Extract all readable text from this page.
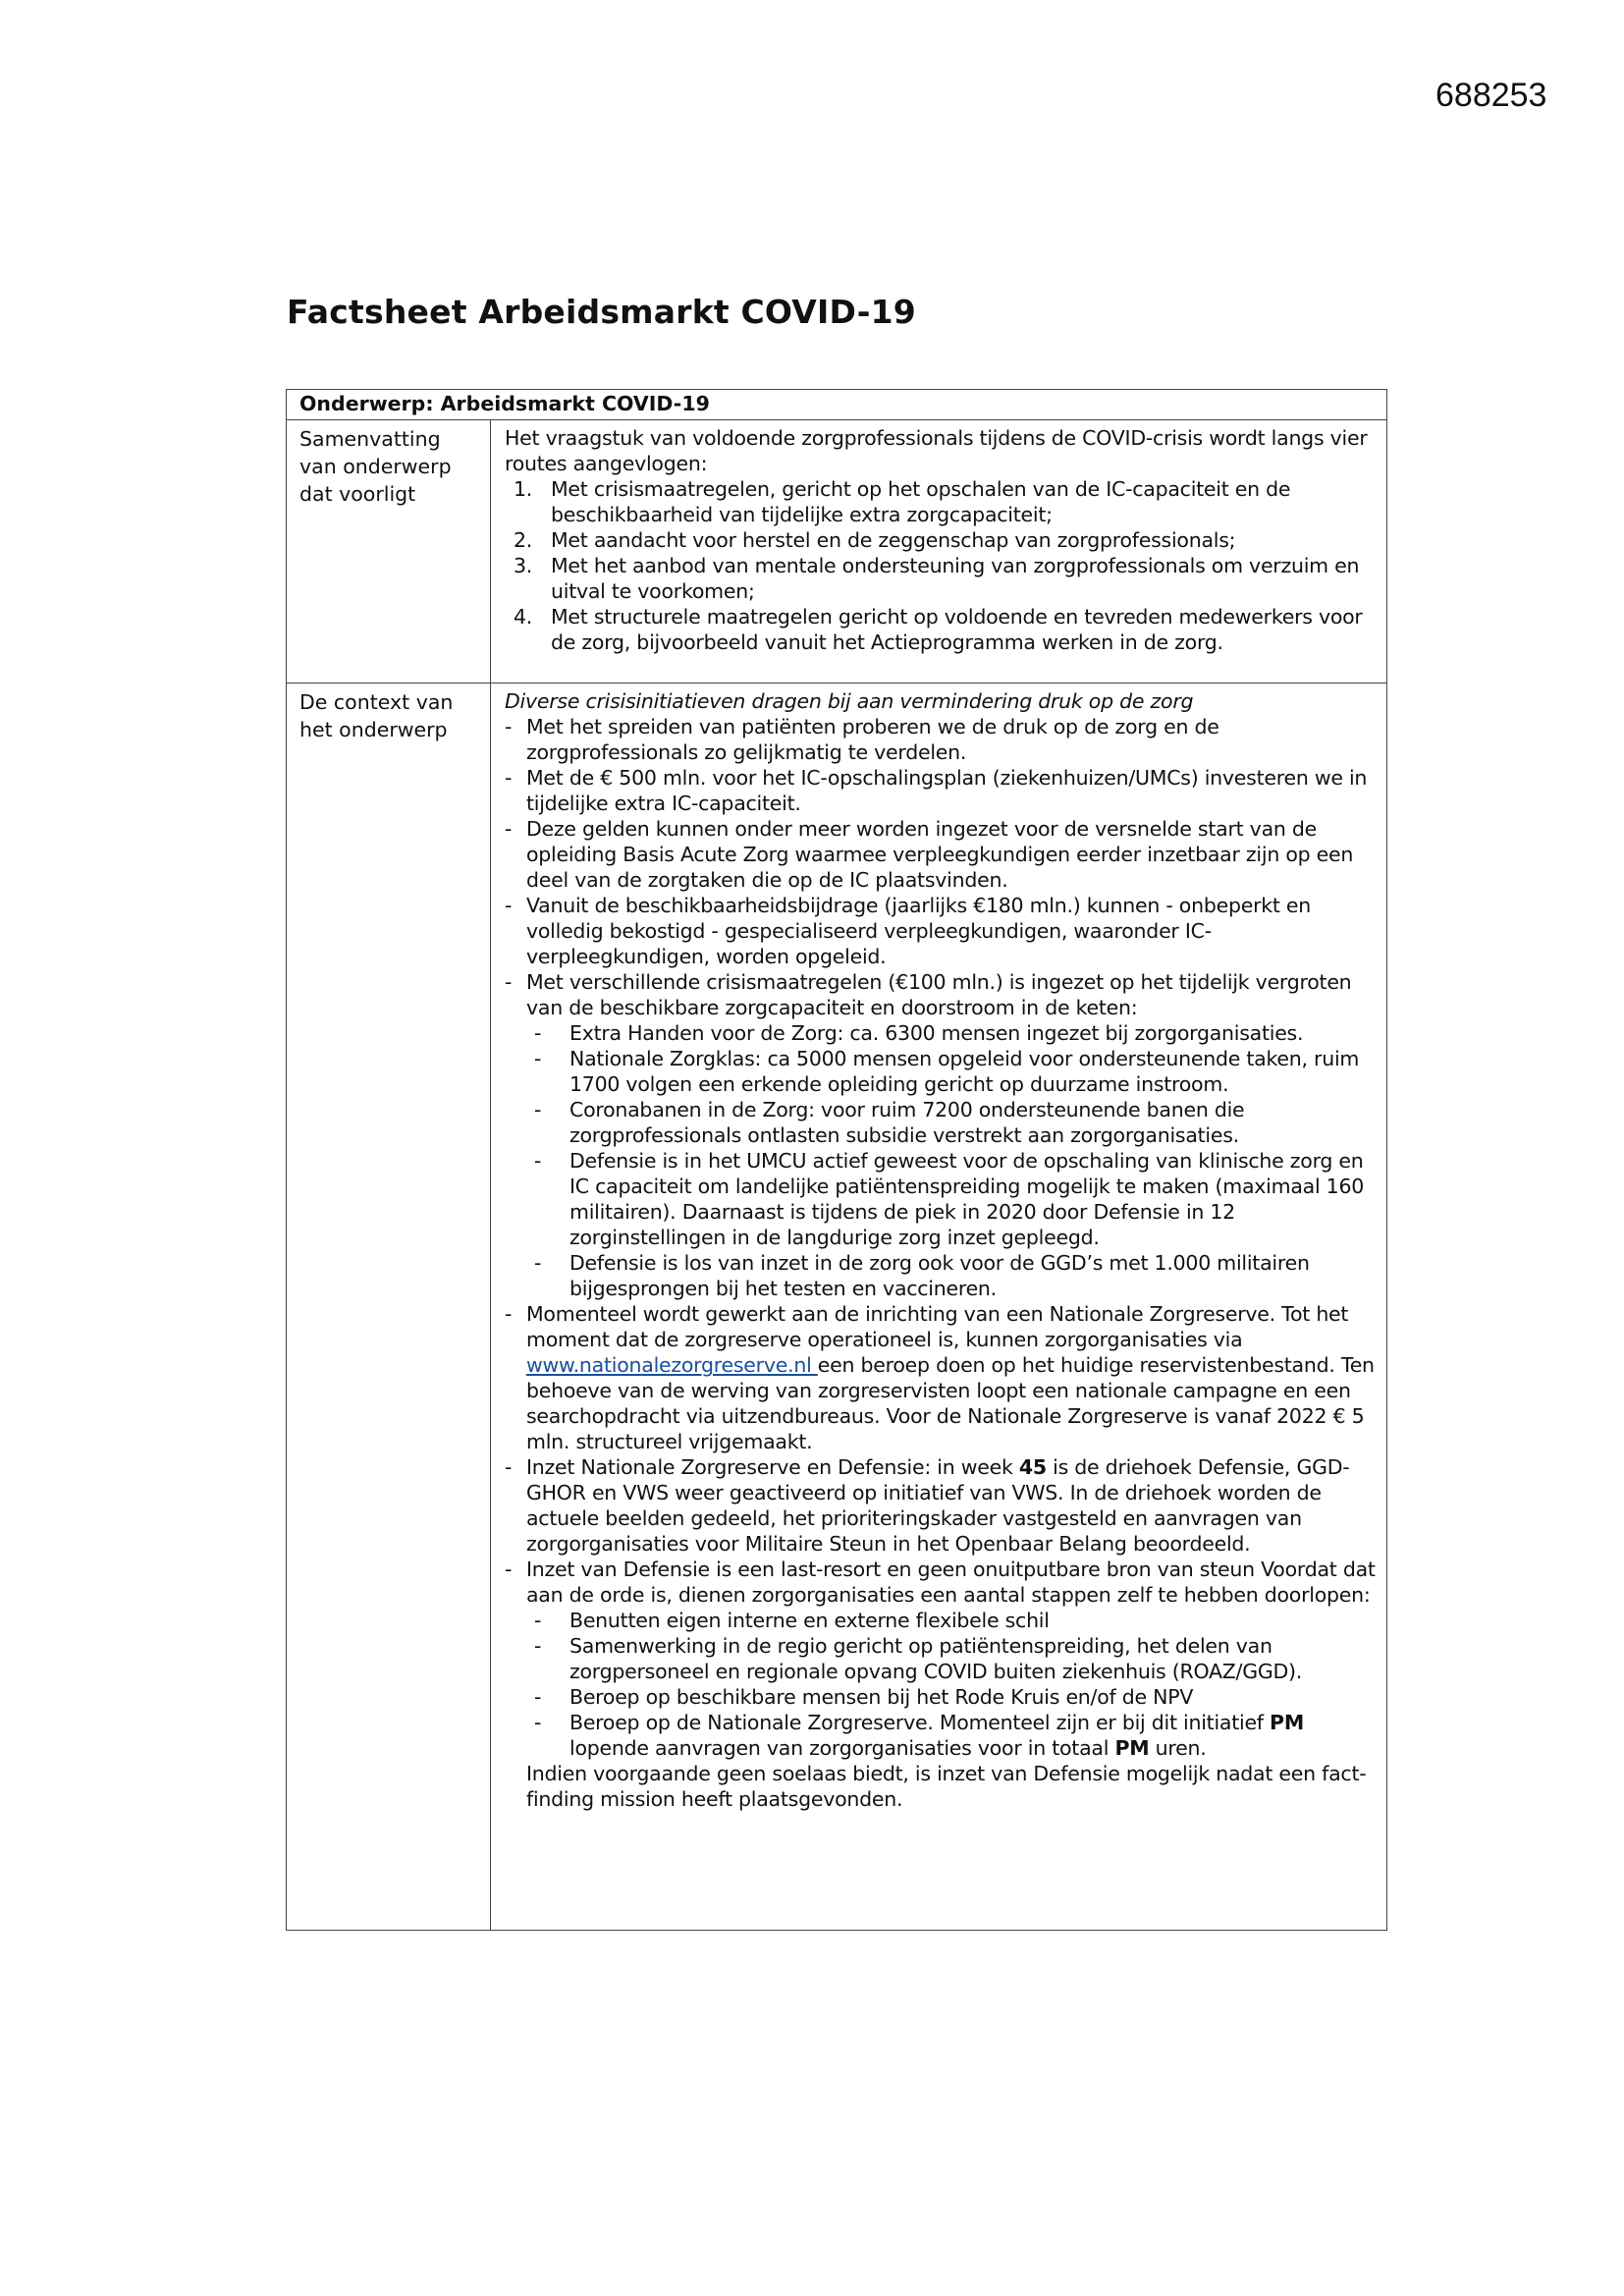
688253
Factsheet Arbeidsmarkt COVID-19
Onderwerp: Arbeidsmarkt COVID-19
Samenvatting van onderwerp dat voorligt

Het vraagstuk van voldoende zorgprofessionals tijdens de COVID-crisis wordt langs vier routes aangevlogen:

1. Met crisismaatregelen, gericht op het opschalen van de IC-capaciteit en de beschikbaarheid van tijdelijke extra zorgcapaciteit;
2. Met aandacht voor herstel en de zeggenschap van zorgprofessionals;
3. Met het aanbod van mentale ondersteuning van zorgprofessionals om verzuim en uitval te voorkomen;
4. Met structurele maatregelen gericht op voldoende en tevreden medewerkers voor de zorg, bijvoorbeeld vanuit het Actieprogramma werken in de zorg.
De context van het onderwerp

Diverse crisisinitiatieven dragen bij aan vermindering druk op de zorg

- Met het spreiden van patiënten proberen we de druk op de zorg en de zorgprofessionals zo gelijkmatig te verdelen.
- Met de € 500 mln. voor het IC-opschalingsplan (ziekenhuizen/UMCs) investeren we in tijdelijke extra IC-capaciteit.
- Deze gelden kunnen onder meer worden ingezet voor de versnelde start van de opleiding Basis Acute Zorg waarmee verpleegkundigen eerder inzetbaar zijn op een deel van de zorgtaken die op de IC plaatsvinden.
- Vanuit de beschikbaarheidsbijdrage (jaarlijks €180 mln.) kunnen - onbeperkt en volledig bekostigd - gespecialiseerd verpleegkundigen, waaronder IC-verpleegkundigen, worden opgeleid.
- Met verschillende crisismaatregelen (€100 mln.) is ingezet op het tijdelijk vergroten van de beschikbare zorgcapaciteit en doorstroom in de keten:
- Extra Handen voor de Zorg: ca. 6300 mensen ingezet bij zorgorganisaties.
- Nationale Zorgklas: ca 5000 mensen opgeleid voor ondersteunende taken, ruim 1700 volgen een erkende opleiding gericht op duurzame instroom.
- Coronabanen in de Zorg: voor ruim 7200 ondersteunende banen die zorgprofessionals ontlasten subsidie verstrekt aan zorgorganisaties.
- Defensie is in het UMCU actief geweest voor de opschaling van klinische zorg en IC capaciteit om landelijke patiëntenspreiding mogelijk te maken (maximaal 160 militairen). Daarnaast is tijdens de piek in 2020 door Defensie in 12 zorginstellingen in de langdurige zorg inzet gepleegd.
- Defensie is los van inzet in de zorg ook voor de GGD’s met 1.000 militairen bijgesprongen bij het testen en vaccineren.
- Momenteel wordt gewerkt aan de inrichting van een Nationale Zorgreserve. Tot het moment dat de zorgreserve operationeel is, kunnen zorgorganisaties via www.nationalezorgreserve.nl een beroep doen op het huidige reservistenbestand. Ten behoeve van de werving van zorgreservisten loopt een nationale campagne en een searchopdracht via uitzendbureaus. Voor de Nationale Zorgreserve is vanaf 2022 € 5 mln. structureel vrijgemaakt.
- Inzet Nationale Zorgreserve en Defensie: in week 45 is de driehoek Defensie, GGD-GHOR en VWS weer geactiveerd op initiatief van VWS. In de driehoek worden de actuele beelden gedeeld, het prioriteringskader vastgesteld en aanvragen van zorgorganisaties voor Militaire Steun in het Openbaar Belang beoordeeld.
- Inzet van Defensie is een last-resort en geen onuitputbare bron van steun Voordat dat aan de orde is, dienen zorgorganisaties een aantal stappen zelf te hebben doorlopen:
- Benutten eigen interne en externe flexibele schil
- Samenwerking in de regio gericht op patiëntenspreiding, het delen van zorgpersoneel en regionale opvang COVID buiten ziekenhuis (ROAZ/GGD).
- Beroep op beschikbare mensen bij het Rode Kruis en/of de NPV
- Beroep op de Nationale Zorgreserve. Momenteel zijn er bij dit initiatief PM lopende aanvragen van zorgorganisaties voor in totaal PM uren.

Indien voorgaande geen soelaas biedt, is inzet van Defensie mogelijk nadat een fact-finding mission heeft plaatsgevonden.
